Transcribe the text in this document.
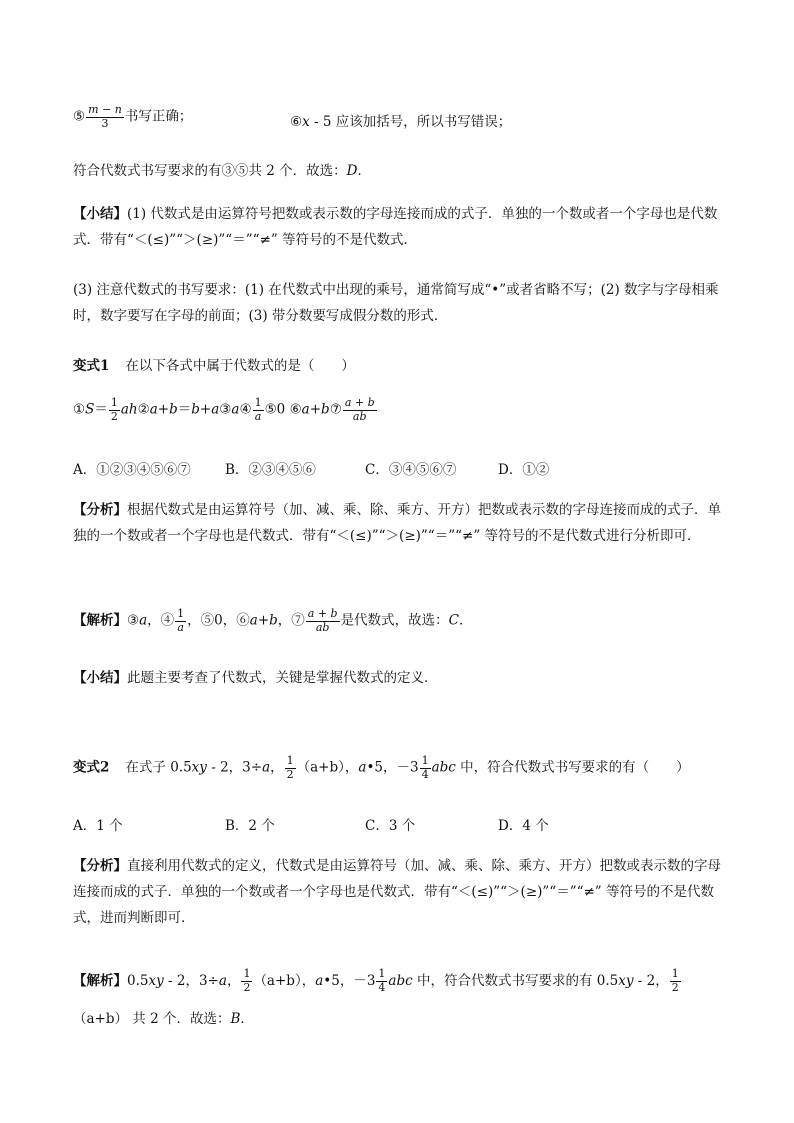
⑤ $\frac{m - n}{3}$ 书写正确；	⑥x - 5 应该加括号，所以书写错误；
符合代数式书写要求的有③⑤共 2 个．故选：D．
【小结】(1) 代数式是由运算符号把数或表示数的字母连接而成的式子．单独的一个数或者一个字母也是代数式．带有“＜(≤)”“＞(≥)”“＝”“≠” 等符号的不是代数式．
(3) 注意代数式的书写要求：(1) 在代数式中出现的乘号，通常简写成“•”或者省略不写；(2) 数字与字母相乘时，数字要写在字母的前面；(3) 带分数要写成假分数的形式．
变式1 在以下各式中属于代数式的是（　　）
①S＝ $\frac{1}{2}$ ah②a+b＝b+a③a④ $\frac{1}{a}$ ⑤0 ⑥a+b⑦ $\frac{a + b}{ab}$
A．①②③④⑤⑥⑦	B．②③④⑤⑥	C．③④⑤⑥⑦	D．①②
【分析】根据代数式是由运算符号（加、减、乘、除、乘方、开方）把数或表示数的字母连接而成的式子．单独的一个数或者一个字母也是代数式．带有“＜(≤)”“＞(≥)”“＝”“≠” 等符号的不是代数式进行分析即可．
【解析】③a，④ $\frac{1}{a}$ ，⑤0，⑥a+b，⑦ $\frac{a + b}{ab}$ 是代数式，故选：C．
【小结】此题主要考查了代数式，关键是掌握代数式的定义．
变式2 在式子 0.5xy - 2，3÷a， $\frac{1}{2} (a+b)$，a•5，$-3 \frac{1}{4}$ abc 中，符合代数式书写要求的有（　　）
A．1 个	B．2 个	C．3 个	D．4 个
【分析】直接利用代数式的定义，代数式是由运算符号（加、减、乘、除、乘方、开方）把数或表示数的字母连接而成的式子．单独的一个数或者一个字母也是代数式．带有“＜(≤)”“＞(≥)”“＝”“≠” 等符号的不是代数式，进而判断即可．
【解析】0.5xy - 2，3÷a， $\frac{1}{2} (a+b)$，a•5，$-3 \frac{1}{4}$ abc 中，符合代数式书写要求的有 0.5xy - 2， $\frac{1}{2}$
（a+b） 共 2 个．故选：B．
